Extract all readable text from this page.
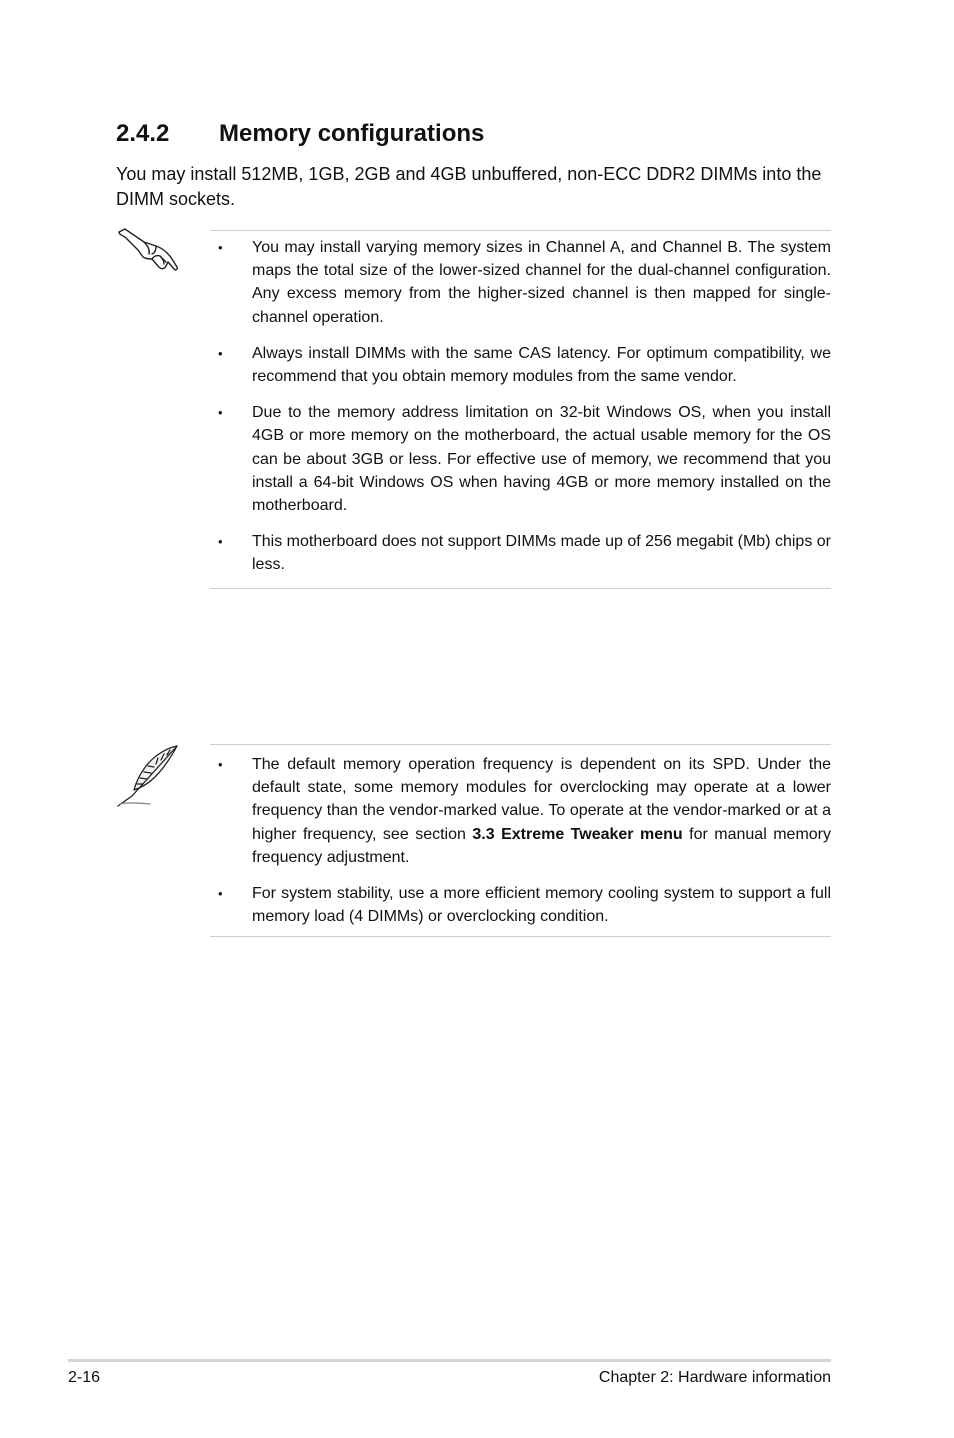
2.4.2 Memory configurations

You may install 512MB, 1GB, 2GB and 4GB unbuffered, non-ECC DDR2 DIMMs into the DIMM sockets.

•	You may install varying memory sizes in Channel A, and Channel B. The system maps the total size of the lower-sized channel for the dual-channel configuration. Any excess memory from the higher-sized channel is then mapped for single-channel operation.
•	Always install DIMMs with the same CAS latency. For optimum compatibility, we recommend that you obtain memory modules from the same vendor.
•	Due to the memory address limitation on 32-bit Windows OS, when you install 4GB or more memory on the motherboard, the actual usable memory for the OS can be about 3GB or less. For effective use of memory, we recommend that you install a 64-bit Windows OS when having 4GB or more memory installed on the motherboard.
•	This motherboard does not support DIMMs made up of 256 megabit (Mb) chips or less.
•	The default memory operation frequency is dependent on its SPD. Under the default state, some memory modules for overclocking may operate at a lower frequency than the vendor-marked value. To operate at the vendor-marked or at a higher frequency, see section 3.3 Extreme Tweaker menu for manual memory frequency adjustment.
•	For system stability, use a more efficient memory cooling system to support a full memory load (4 DIMMs) or overclocking condition.
2-16	Chapter 2: Hardware information
